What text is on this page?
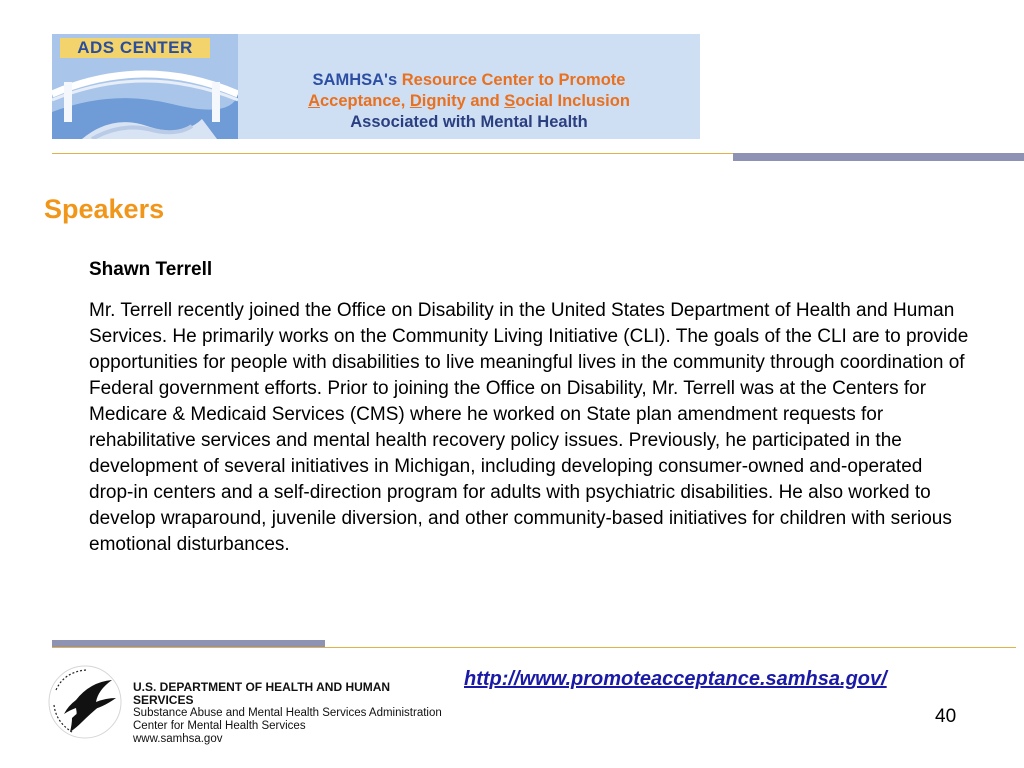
ADS CENTER
SAMHSA's Resource Center to Promote
Acceptance, Dignity and Social Inclusion
Associated with Mental Health
Speakers
Shawn Terrell

Mr. Terrell recently joined the Office on Disability in the United States Department of Health and Human Services. He primarily works on the Community Living Initiative (CLI). The goals of the CLI are to provide opportunities for people with disabilities to live meaningful lives in the community through coordination of Federal government efforts. Prior to joining the Office on Disability, Mr. Terrell was at the Centers for Medicare & Medicaid Services (CMS) where he worked on State plan amendment requests for rehabilitative services and mental health recovery policy issues. Previously, he participated in the development of several initiatives in Michigan, including developing consumer-owned and-operated drop-in centers and a self-direction program for adults with psychiatric disabilities. He also worked to develop wraparound, juvenile diversion, and other community-based initiatives for children with serious emotional disturbances.

U.S. DEPARTMENT OF HEALTH AND HUMAN SERVICES
Substance Abuse and Mental Health Services Administration
Center for Mental Health Services
www.samhsa.gov
http://www.promoteacceptance.samhsa.gov/

40
